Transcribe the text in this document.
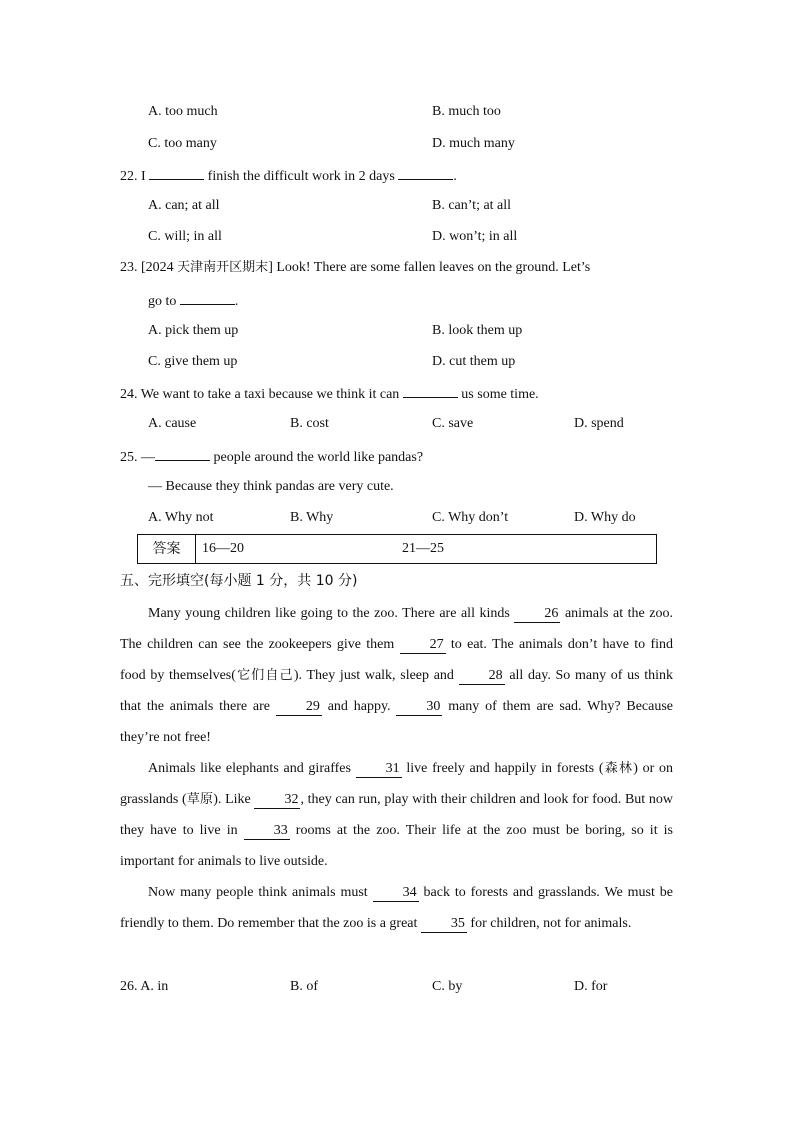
A. too much	B. much too
C. too many	D. much many
22. I	finish the difficult work in 2 days	.
A. can; at all	B. can’t; at all
C. will; in all	D. won’t; in all
23. [2024 天津南开区期末] Look! There are some fallen leaves on the ground. Let’s
go to	.
A. pick them up	B. look them up
C. give them up	D. cut them up
24. We want to take a taxi because we think it can	us some time.
A. cause	B. cost	C. save	D. spend
25. —	people around the world like pandas?
— Because they think pandas are very cute.
A. Why not	B. Why	C. Why don’t	D. Why do
答案	16—20	21—25
五、完形填空(每小题 1 分，共 10 分)

Many young children like going to the zoo. There are all kinds 26 animals at the zoo. The children can see the zookeepers give them	27 to eat. The animals don’t have to find food by themselves(它们自己). They just walk, sleep and 28 all day. So many of us think that the animals there are	29 and happy.	30 many of them are sad. Why? Because they’re not free!

Animals like elephants and giraffes 31 live freely and happily in forests (森林) or on grasslands (草原). Like 32 , they can run, play with their children and look for food. But now they have to live in	33 rooms at the zoo. Their life at the zoo must be boring, so it is important for animals to live outside.

Now many people think animals must 34 back to forests and grasslands. We must be friendly to them. Do remember that the zoo is a great 35 for children, not for animals.

26. A. in	B. of	C. by	D. for
